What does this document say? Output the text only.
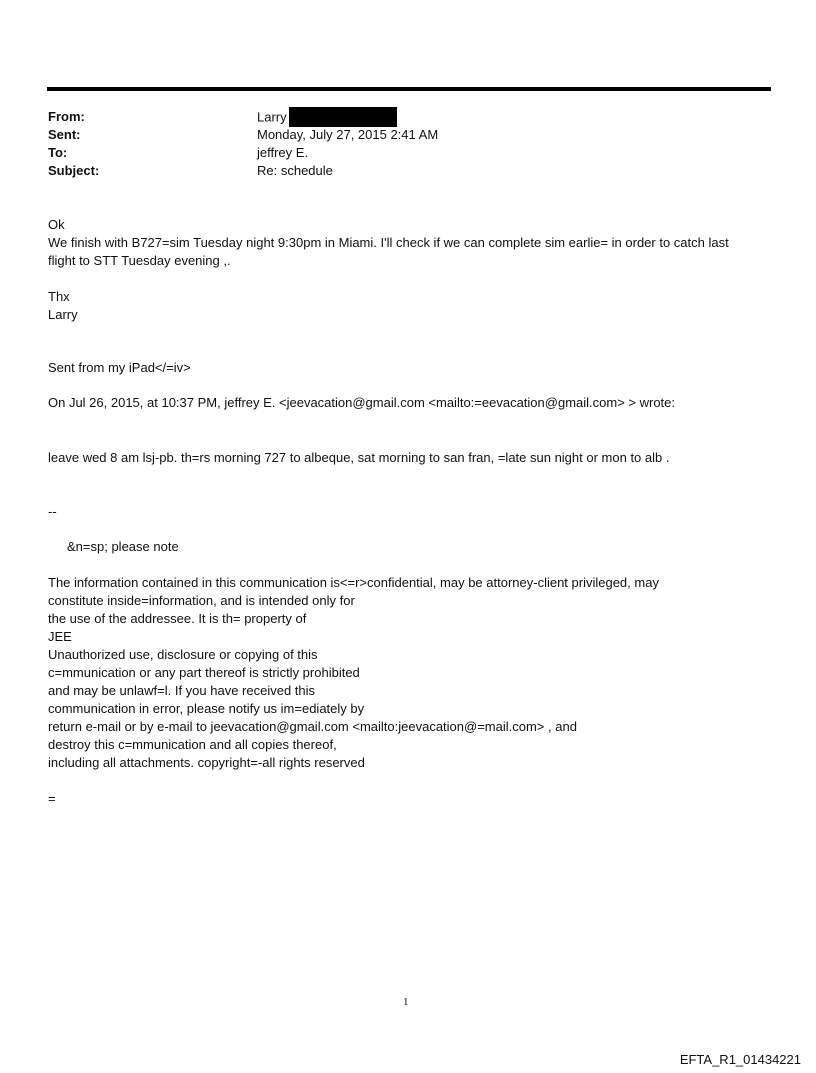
From:	Larry
Sent:	Monday, July 27, 2015 2:41 AM
To:	jeffrey E.
Subject:	Re: schedule
Ok
We finish with B727=sim Tuesday night 9:30pm in Miami. I'll check if we can complete sim earlie= in order to catch last
flight to STT Tuesday evening ,.
Thx
Larry
Sent from my iPad</=iv>
On Jul 26, 2015, at 10:37 PM, jeffrey E. <jeevacation@gmail.com <mailto:=eevacation@gmail.com> > wrote:
leave wed 8 am lsj-pb. th=rs morning 727 to albeque, sat morning to san fran, =late sun night or mon to alb .
--
&n=sp; please note
The information contained in this communication is<=r>confidential, may be attorney-client privileged, may
constitute inside=information, and is intended only for
the use of the addressee. It is th= property of
JEE
Unauthorized use, disclosure or copying of this
c=mmunication or any part thereof is strictly prohibited
and may be unlawf=l. If you have received this
communication in error, please notify us im=ediately by
return e-mail or by e-mail to jeevacation@gmail.com <mailto:jeevacation@=mail.com> , and
destroy this c=mmunication and all copies thereof,
including all attachments. copyright=-all rights reserved
=
1
EFTA_R1_01434221
